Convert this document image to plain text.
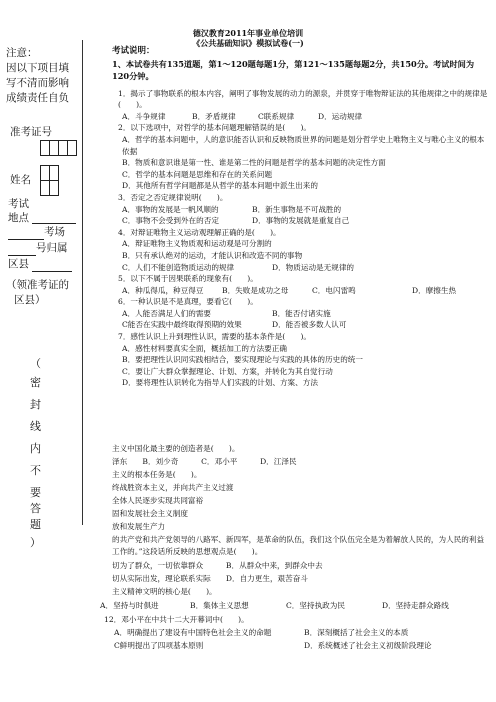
德汉教育2011年事业单位培训
《公共基础知识》模拟试卷(一)
注意：
因以下项目填
写不清而影响
成绩责任自负
准考证号
姓名
考试
地点
考场
号归属
区县
（领准考证的
区县）
（
密
封
线
内
不
要
答
题
）
考试说明：
1、本试卷共有135道题，第1～120题每题1分，第121～135题每题2分，共150分。考试时间为120分钟。
1．揭示了事物联系的根本内容，阐明了事物发展的动力的源泉，并贯穿于唯物辩证法的其他规律之中的规律是(　　)。
A．斗争规律	B．矛盾规律	C联系规律	D．运动规律
2．以下选项中，对哲学的基本问题理解错误的是(　　)。
A．哲学的基本问题中，人的意识能否认识和反映物质世界的问题是划分哲学史上唯物主义与唯心主义的根本依据
B．物质和意识谁是第一性、谁是第二性的问题是哲学的基本问题的决定性方面
C．哲学的基本问题是思维和存在的关系问题
D．其他所有哲学问题都是从哲学的基本问题中派生出来的
3．否定之否定规律说明(　　)。
A．事物的发展是一帆风顺的	B．新生事物是不可战胜的
C．事物不会受到外在的否定	D．事物的发展就是重复自己
4．对辩证唯物主义运动观理解正确的是(　　)。
A．辩证唯物主义物质观和运动观是可分割的
B．只有承认绝对的运动，才能认识和改造不同的事物
C．人们不能创造物质运动的规律	D．物质运动是无规律的
5．以下不属于因果联系的现象有(　　)。
A．种瓜得瓜，种豆得豆	B．失败是成功之母	C．电闪雷鸣	D．摩擦生热
6．一种认识是不是真理，要看它(　　)。
A．人能否满足人们的需要	B．能否付诸实施
C能否在实践中最终取得预期的效果	D．能否被多数人认可
7．感性认识上升到理性认识，需要的基本条件是(　　)。
A．感性材料要真实全面，概括加工的方法要正确
B．要把理性认识同实践相结合，要实现理论与实践的具体的历史的统一
C．要让广大群众掌握理论、计划、方案，并转化为其自觉行动
D．要将理性认识转化为指导人们实践的计划、方案、方法
主义中国化最主要的创造者是(　　)。
泽东　　B．刘少奇　　　C．邓小平　　　D．江泽民
主义的根本任务是(　　)。
终战胜资本主义，并向共产主义过渡
全体人民逐步实现共同富裕
固和发展社会主义制度
放和发展生产力
的共产党和共产党领导的八路军、新四军，是革命的队伍，我们这个队伍完全是为着解放人民的，为人民的利益工作的。”这段话所反映的思想观点是(　　)。
切为了群众，一切依靠群众　　　B．从群众中来，到群众中去
切从实际出发，理论联系实际　　D．自力更生，艰苦奋斗
主义精神文明的核心是(　　)。
A．坚持与时俱进	B．集体主义思想	C．坚持执政为民	D．坚持走群众路线
12．邓小平在中共十二大开幕词中(　　)。
A．明确提出了建设有中国特色社会主义的命题	B．深刻概括了社会主义的本质
C鲜明提出了四项基本原则	D．系统概述了社会主义初级阶段理论
